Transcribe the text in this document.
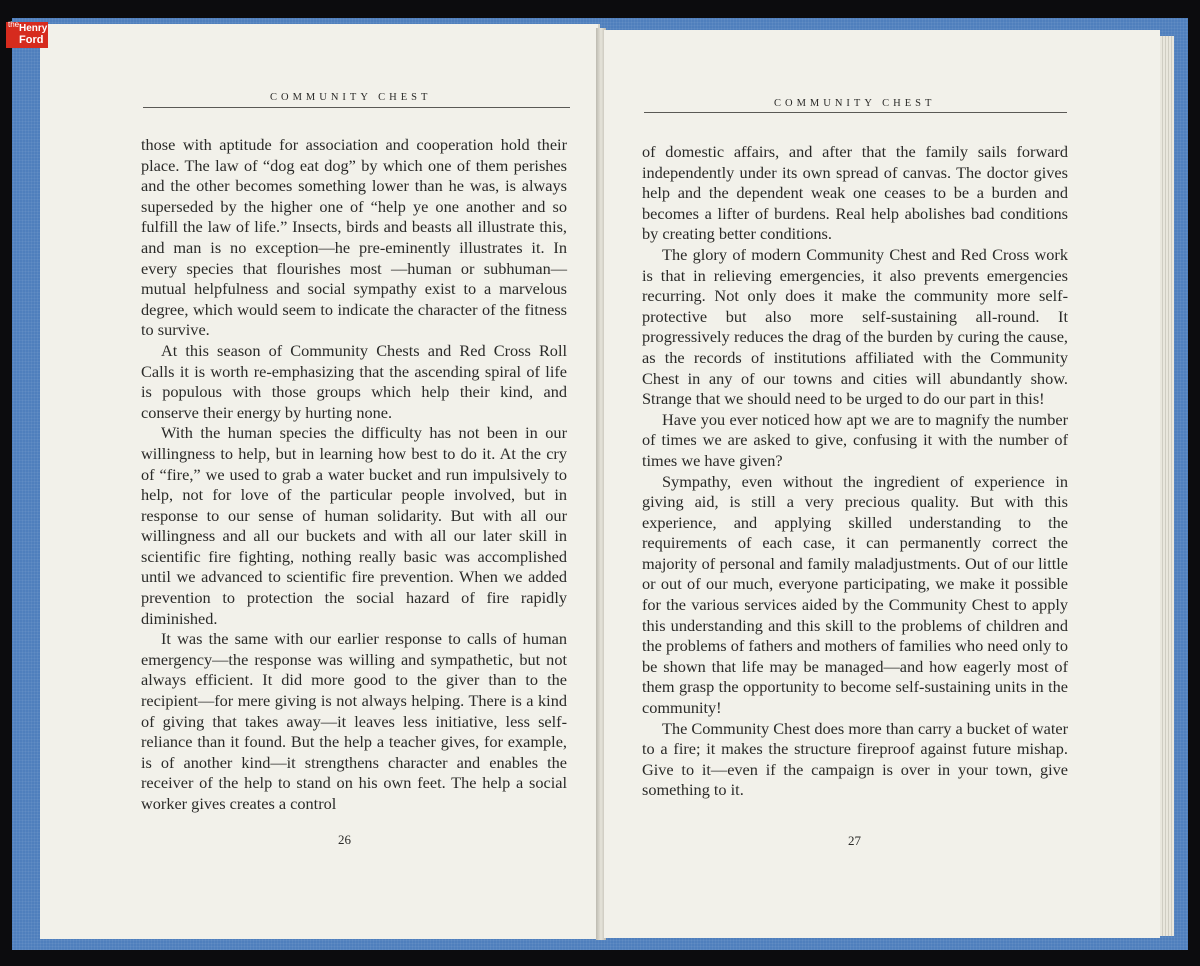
COMMUNITY CHEST

those with aptitude for association and cooperation hold their place. The law of “dog eat dog” by which one of them perishes and the other becomes something lower than he was, is always superseded by the higher one of “help ye one another and so fulfill the law of life.” Insects, birds and beasts all illustrate this, and man is no exception—he pre-eminently illustrates it. In every species that flourishes most —human or subhuman—mutual helpfulness and social sympathy exist to a marvelous degree, which would seem to indicate the character of the fitness to survive.

At this season of Community Chests and Red Cross Roll Calls it is worth re-emphasizing that the ascending spiral of life is populous with those groups which help their kind, and conserve their energy by hurting none.

With the human species the difficulty has not been in our willingness to help, but in learning how best to do it. At the cry of “fire,” we used to grab a water bucket and run impulsively to help, not for love of the particular people involved, but in response to our sense of human solidarity. But with all our willingness and all our buckets and with all our later skill in scientific fire fighting, nothing really basic was accomplished until we advanced to scientific fire prevention. When we added prevention to protection the social hazard of fire rapidly diminished.

It was the same with our earlier response to calls of human emergency—the response was willing and sympathetic, but not always efficient. It did more good to the giver than to the recipient—for mere giving is not always helping. There is a kind of giving that takes away—it leaves less initiative, less self-reliance than it found. But the help a teacher gives, for example, is of another kind—it strengthens character and enables the receiver of the help to stand on his own feet. The help a social worker gives creates a control

26
COMMUNITY CHEST

of domestic affairs, and after that the family sails forward independently under its own spread of canvas. The doctor gives help and the dependent weak one ceases to be a burden and becomes a lifter of burdens. Real help abolishes bad conditions by creating better conditions.

The glory of modern Community Chest and Red Cross work is that in relieving emergencies, it also prevents emergencies recurring. Not only does it make the community more self-protective but also more self-sustaining all-round. It progressively reduces the drag of the burden by curing the cause, as the records of institutions affiliated with the Community Chest in any of our towns and cities will abundantly show. Strange that we should need to be urged to do our part in this!

Have you ever noticed how apt we are to magnify the number of times we are asked to give, confusing it with the number of times we have given?

Sympathy, even without the ingredient of experience in giving aid, is still a very precious quality. But with this experience, and applying skilled understanding to the requirements of each case, it can permanently correct the majority of personal and family maladjustments. Out of our little or out of our much, everyone participating, we make it possible for the various services aided by the Community Chest to apply this understanding and this skill to the problems of children and the problems of fathers and mothers of families who need only to be shown that life may be managed—and how eagerly most of them grasp the opportunity to become self-sustaining units in the community!

The Community Chest does more than carry a bucket of water to a fire; it makes the structure fireproof against future mishap. Give to it—even if the campaign is over in your town, give something to it.

27
the Henry
Ford
